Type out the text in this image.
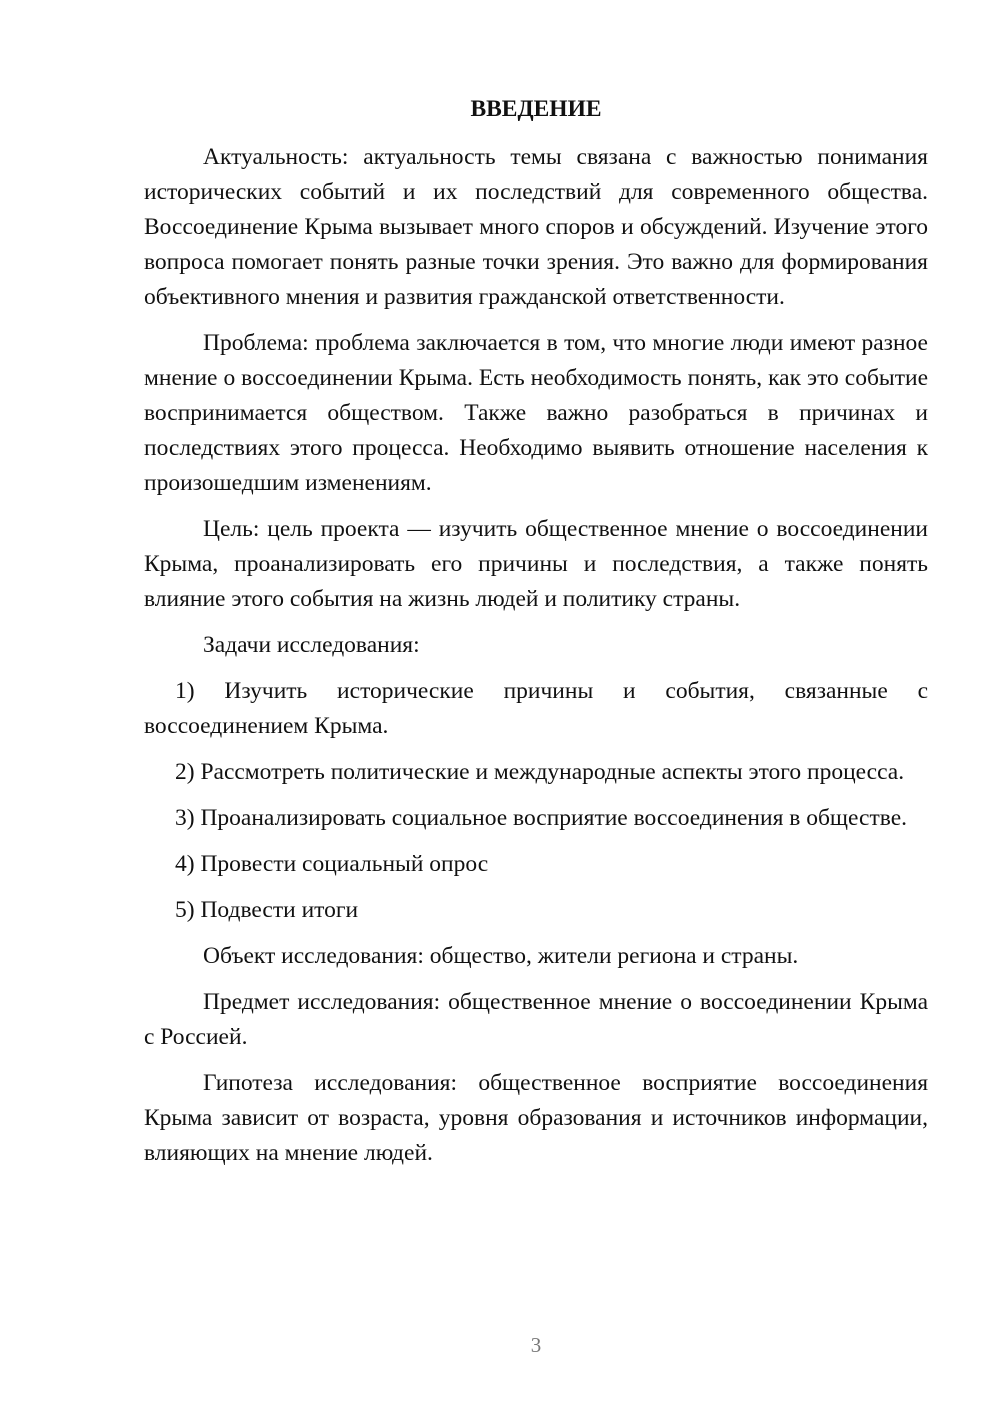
ВВЕДЕНИЕ

Актуальность: актуальность темы связана с важностью понимания исторических событий и их последствий для современного общества. Воссоединение Крыма вызывает много споров и обсуждений. Изучение этого вопроса помогает понять разные точки зрения. Это важно для формирования объективного мнения и развития гражданской ответственности.

Проблема: проблема заключается в том, что многие люди имеют разное мнение о воссоединении Крыма. Есть необходимость понять, как это событие воспринимается обществом. Также важно разобраться в причинах и последствиях этого процесса. Необходимо выявить отношение населения к произошедшим изменениям.

Цель: цель проекта — изучить общественное мнение о воссоединении Крыма, проанализировать его причины и последствия, а также понять влияние этого события на жизнь людей и политику страны.

Задачи исследования:

1) Изучить исторические причины и события, связанные с воссоединением Крыма.

2) Рассмотреть политические и международные аспекты этого процесса.

3) Проанализировать социальное восприятие воссоединения в обществе.

4) Провести социальный опрос

5) Подвести итоги

Объект исследования: общество, жители региона и страны.

Предмет исследования: общественное мнение о воссоединении Крыма с Россией.

Гипотеза исследования: общественное восприятие воссоединения Крыма зависит от возраста, уровня образования и источников информации, влияющих на мнение людей.

3
